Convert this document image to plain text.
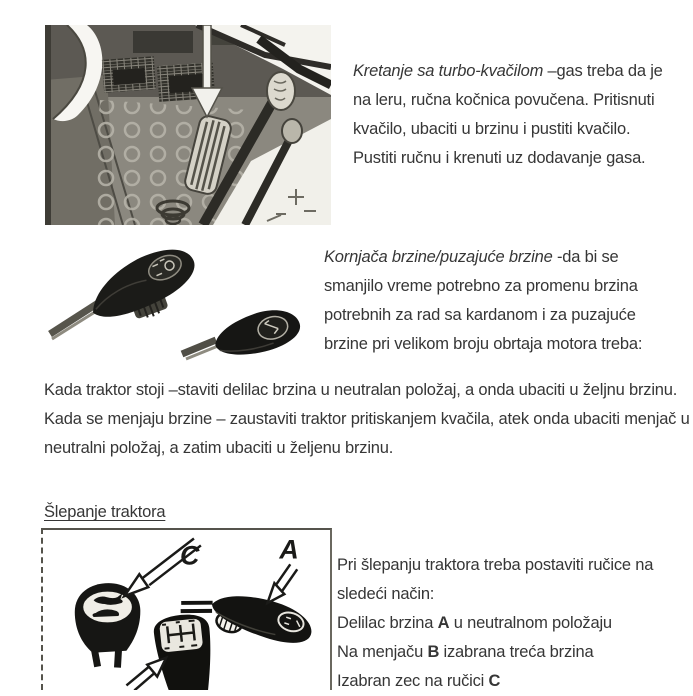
Kretanje sa turbo-kvačilom –gas treba da je na leru, ručna kočnica povučena. Pritisnuti kvačilo, ubaciti u brzinu i pustiti kvačilo. Pustiti ručnu i krenuti uz dodavanje gasa.
Kornjača brzine/puzajuće brzine -da bi se smanjilo vreme potrebno za promenu brzina potrebnih za rad sa kardanom i za puzajuće brzine pri velikom broju obrtaja motora treba:

Kada traktor stoji –staviti delilac brzina u neutralan položaj, a onda ubaciti u željnu brzinu.

Kada se menjaju brzine – zaustaviti traktor pritiskanjem kvačila, atek onda ubaciti menjač u neutralni položaj, a zatim ubaciti u željenu brzinu.

Šlepanje traktora
C	A
Pri šlepanju traktora treba postaviti ručice na sledeći način:
Delilac brzina A u neutralnom položaju
Na menjaču B izabrana treća brzina
Izabran zec na ručici C
